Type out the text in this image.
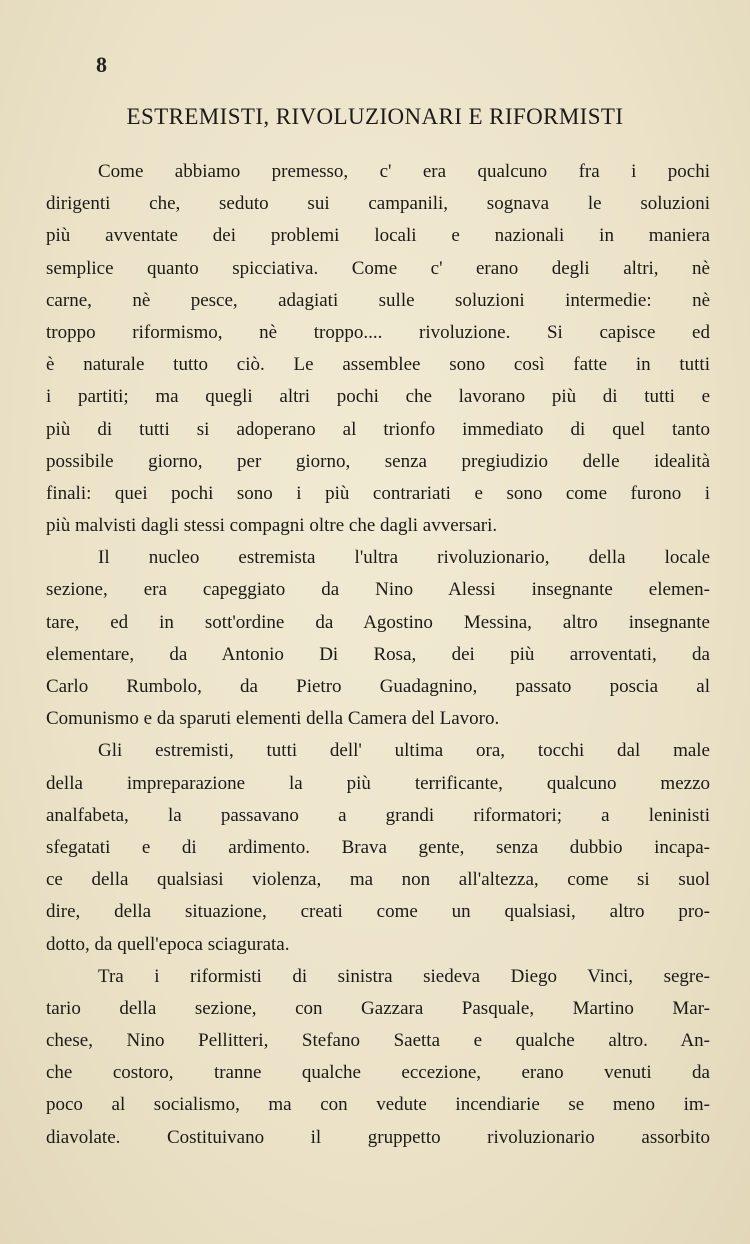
8
ESTREMISTI, RIVOLUZIONARI E RIFORMISTI
Come abbiamo premesso, c' era qualcuno fra i pochi
dirigenti che, seduto sui campanili, sognava le soluzioni
più avventate dei problemi locali e nazionali in maniera
semplice quanto spicciativa. Come c' erano degli altri, nè
carne, nè pesce, adagiati sulle soluzioni intermedie: nè
troppo riformismo, nè troppo.... rivoluzione. Si capisce ed
è naturale tutto ciò. Le assemblee sono così fatte in tutti
i partiti; ma quegli altri pochi che lavorano più di tutti e
più di tutti si adoperano al trionfo immediato di quel tanto
possibile giorno, per giorno, senza pregiudizio delle idealità
finali: quei pochi sono i più contrariati e sono come furono i
più malvisti dagli stessi compagni oltre che dagli avversari.
Il nucleo estremista l'ultra rivoluzionario, della locale
sezione, era capeggiato da Nino Alessi insegnante elemen-
tare, ed in sott'ordine da Agostino Messina, altro insegnante
elementare, da Antonio Di Rosa, dei più arroventati, da
Carlo Rumbolo, da Pietro Guadagnino, passato poscia al
Comunismo e da sparuti elementi della Camera del Lavoro.
Gli estremisti, tutti dell' ultima ora, tocchi dal male
della impreparazione la più terrificante, qualcuno mezzo
analfabeta, la passavano a grandi riformatori; a leninisti
sfegatati e di ardimento. Brava gente, senza dubbio incapa-
ce della qualsiasi violenza, ma non all'altezza, come si suol
dire, della situazione, creati come un qualsiasi, altro pro-
dotto, da quell'epoca sciagurata.
Tra i riformisti di sinistra siedeva Diego Vinci, segre-
tario della sezione, con Gazzara Pasquale, Martino Mar-
chese, Nino Pellitteri, Stefano Saetta e qualche altro. An-
che costoro, tranne qualche eccezione, erano venuti da
poco al socialismo, ma con vedute incendiarie se meno im-
diavolate. Costituivano il gruppetto rivoluzionario assorbito
